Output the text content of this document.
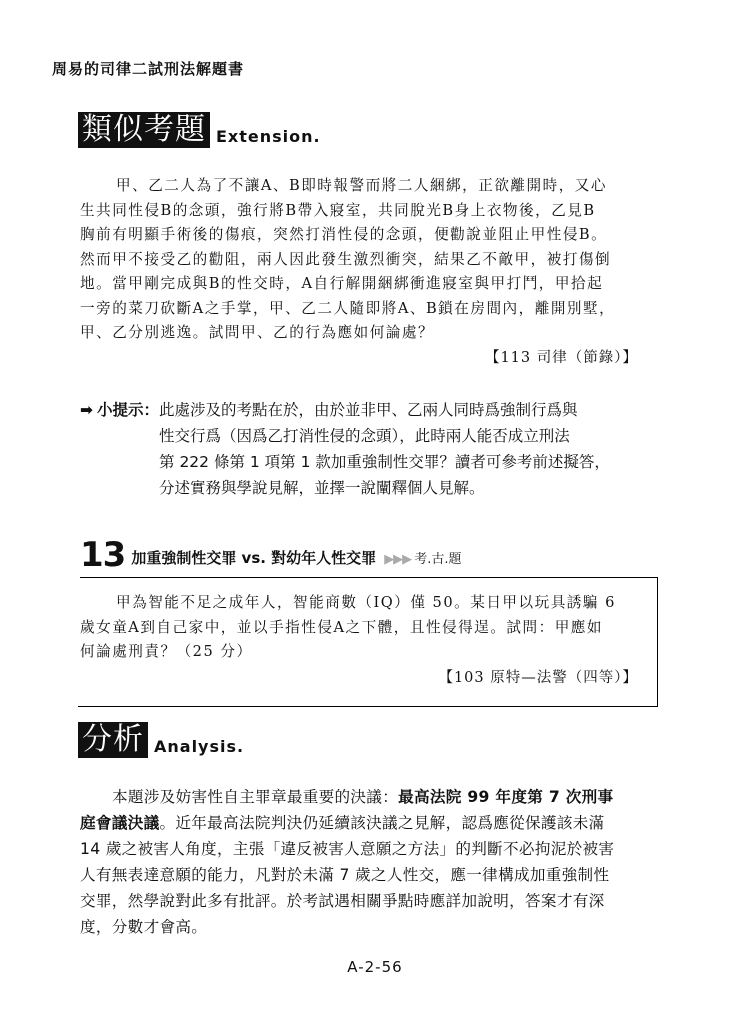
周易的司律二試刑法解題書
類似考題 Extension.

甲、乙二人為了不讓A、B即時報警而將二人綑綁，正欲離開時，又心

生共同性侵B的念頭，強行將B帶入寢室，共同脫光B身上衣物後，乙見B

胸前有明顯手術後的傷痕，突然打消性侵的念頭，便勸說並阻止甲性侵B。

然而甲不接受乙的勸阻，兩人因此發生激烈衝突，結果乙不敵甲，被打傷倒

地。當甲剛完成與B的性交時，A自行解開綑綁衝進寢室與甲打鬥，甲拾起

一旁的菜刀砍斷A之手掌，甲、乙二人隨即將A、B鎖在房間內，離開別墅，

甲、乙分別逃逸。試問甲、乙的行為應如何論處？

【113 司律（節錄）】
➡ 小提示： 此處涉及的考點在於，由於並非甲、乙兩人同時爲強制行爲與

性交行爲（因爲乙打消性侵的念頭），此時兩人能否成立刑法

第 222 條第 1 項第 1 款加重強制性交罪？讀者可參考前述擬答，

分述實務與學說見解，並擇一說闡釋個人見解。

13 加重強制性交罪 vs. 對幼年人性交罪 ▶▶▶ 考.古.題

甲為智能不足之成年人，智能商數（IQ）僅 50。某日甲以玩具誘騙 6

歲女童A到自己家中，並以手指性侵A之下體，且性侵得逞。試問：甲應如

何論處刑責？（25 分）

【103 原特—法警（四等）】
分析 Analysis.

本題涉及妨害性自主罪章最重要的決議：最高法院 99 年度第 7 次刑事

庭會議決議。近年最高法院判決仍延續該決議之見解，認爲應從保護該未滿

14 歲之被害人角度，主張「違反被害人意願之方法」的判斷不必拘泥於被害

人有無表達意願的能力，凡對於未滿 7 歲之人性交，應一律構成加重強制性

交罪，然學說對此多有批評。於考試遇相關爭點時應詳加說明，答案才有深

度，分數才會高。

A-2-56
